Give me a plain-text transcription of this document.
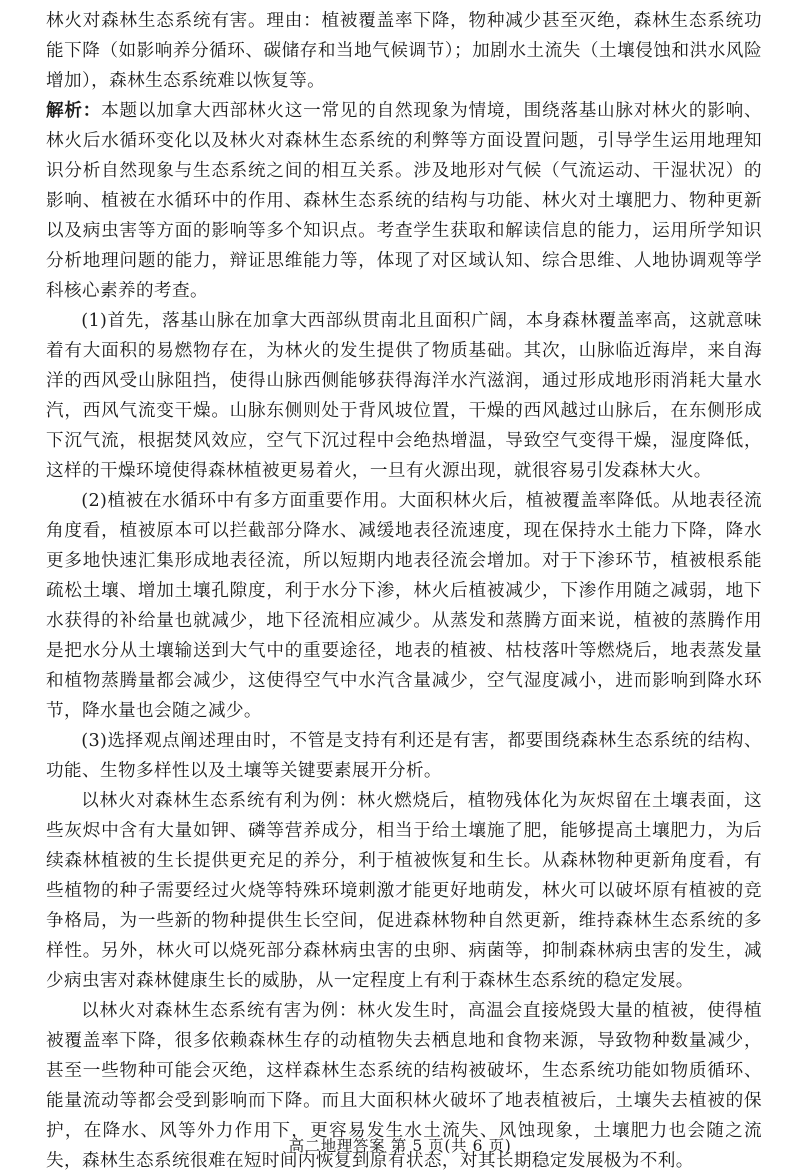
林火对森林生态系统有害。理由：植被覆盖率下降，物种减少甚至灭绝，森林生态系统功能下降（如影响养分循环、碳储存和当地气候调节）；加剧水土流失（土壤侵蚀和洪水风险增加），森林生态系统难以恢复等。

解析：本题以加拿大西部林火这一常见的自然现象为情境，围绕落基山脉对林火的影响、林火后水循环变化以及林火对森林生态系统的利弊等方面设置问题，引导学生运用地理知识分析自然现象与生态系统之间的相互关系。涉及地形对气候（气流运动、干湿状况）的影响、植被在水循环中的作用、森林生态系统的结构与功能、林火对土壤肥力、物种更新以及病虫害等方面的影响等多个知识点。考查学生获取和解读信息的能力，运用所学知识分析地理问题的能力，辩证思维能力等，体现了对区域认知、综合思维、人地协调观等学科核心素养的考查。

(1)首先，落基山脉在加拿大西部纵贯南北且面积广阔，本身森林覆盖率高，这就意味着有大面积的易燃物存在，为林火的发生提供了物质基础。其次，山脉临近海岸，来自海洋的西风受山脉阻挡，使得山脉西侧能够获得海洋水汽滋润，通过形成地形雨消耗大量水汽，西风气流变干燥。山脉东侧则处于背风坡位置，干燥的西风越过山脉后，在东侧形成下沉气流，根据焚风效应，空气下沉过程中会绝热增温，导致空气变得干燥，湿度降低，这样的干燥环境使得森林植被更易着火，一旦有火源出现，就很容易引发森林大火。

(2)植被在水循环中有多方面重要作用。大面积林火后，植被覆盖率降低。从地表径流角度看，植被原本可以拦截部分降水、减缓地表径流速度，现在保持水土能力下降，降水更多地快速汇集形成地表径流，所以短期内地表径流会增加。对于下渗环节，植被根系能疏松土壤、增加土壤孔隙度，利于水分下渗，林火后植被减少，下渗作用随之减弱，地下水获得的补给量也就减少，地下径流相应减少。从蒸发和蒸腾方面来说，植被的蒸腾作用是把水分从土壤输送到大气中的重要途径，地表的植被、枯枝落叶等燃烧后，地表蒸发量和植物蒸腾量都会减少，这使得空气中水汽含量减少，空气湿度减小，进而影响到降水环节，降水量也会随之减少。

(3)选择观点阐述理由时，不管是支持有利还是有害，都要围绕森林生态系统的结构、功能、生物多样性以及土壤等关键要素展开分析。

以林火对森林生态系统有利为例：林火燃烧后，植物残体化为灰烬留在土壤表面，这些灰烬中含有大量如钾、磷等营养成分，相当于给土壤施了肥，能够提高土壤肥力，为后续森林植被的生长提供更充足的养分，利于植被恢复和生长。从森林物种更新角度看，有些植物的种子需要经过火烧等特殊环境刺激才能更好地萌发，林火可以破坏原有植被的竞争格局，为一些新的物种提供生长空间，促进森林物种自然更新，维持森林生态系统的多样性。另外，林火可以烧死部分森林病虫害的虫卵、病菌等，抑制森林病虫害的发生，减少病虫害对森林健康生长的威胁，从一定程度上有利于森林生态系统的稳定发展。

以林火对森林生态系统有害为例：林火发生时，高温会直接烧毁大量的植被，使得植被覆盖率下降，很多依赖森林生存的动植物失去栖息地和食物来源，导致物种数量减少，甚至一些物种可能会灭绝，这样森林生态系统的结构被破坏，生态系统功能如物质循环、能量流动等都会受到影响而下降。而且大面积林火破坏了地表植被后，土壤失去植被的保护，在降水、风等外力作用下，更容易发生水土流失、风蚀现象，土壤肥力也会随之流失，森林生态系统很难在短时间内恢复到原有状态，对其长期稳定发展极为不利。

高二地理答案 第 5 页(共 6 页)
